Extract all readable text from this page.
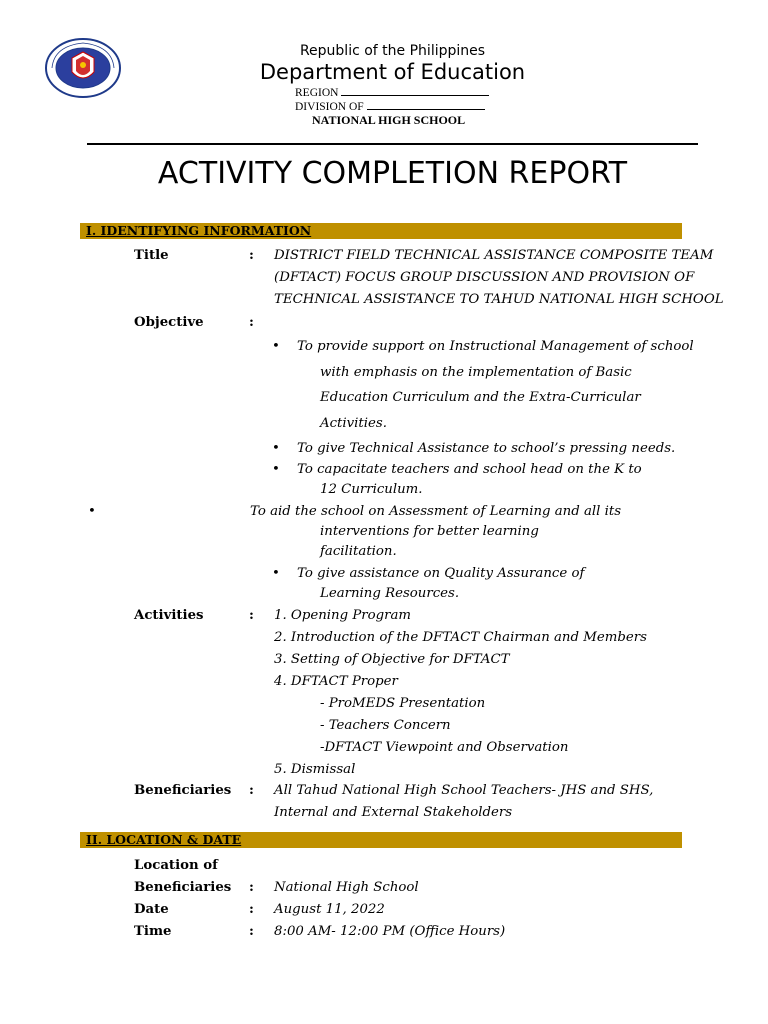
Republic of the Philippines
Department of Education
REGION
DIVISION OF
NATIONAL HIGH SCHOOL
ACTIVITY COMPLETION REPORT
I. IDENTIFYING INFORMATION
Title	: DISTRICT FIELD TECHNICAL ASSISTANCE COMPOSITE TEAM
(DFTACT) FOCUS GROUP DISCUSSION AND PROVISION OF
TECHNICAL ASSISTANCE TO TAHUD NATIONAL HIGH SCHOOL
Objective	:
• To provide support on Instructional Management of school
with emphasis on the implementation of Basic
Education Curriculum and the Extra-Curricular
Activities.
• To give Technical Assistance to school’s pressing needs.
• To capacitate teachers and school head on the K to
12 Curriculum.
•	To aid the school on Assessment of Learning and all its
interventions for better learning
facilitation.
• To give assistance on Quality Assurance of
Learning Resources.
Activities	: 1. Opening Program
2. Introduction of the DFTACT Chairman and Members
3. Setting of Objective for DFTACT
4. DFTACT Proper
- ProMEDS Presentation
- Teachers Concern
-DFTACT Viewpoint and Observation
5. Dismissal
Beneficiaries : All Tahud National High School Teachers- JHS and SHS,
Internal and External Stakeholders
II. LOCATION & DATE
Location of
Beneficiaries : National High School
Date	: August 11, 2022
Time	: 8:00 AM- 12:00 PM (Office Hours)
